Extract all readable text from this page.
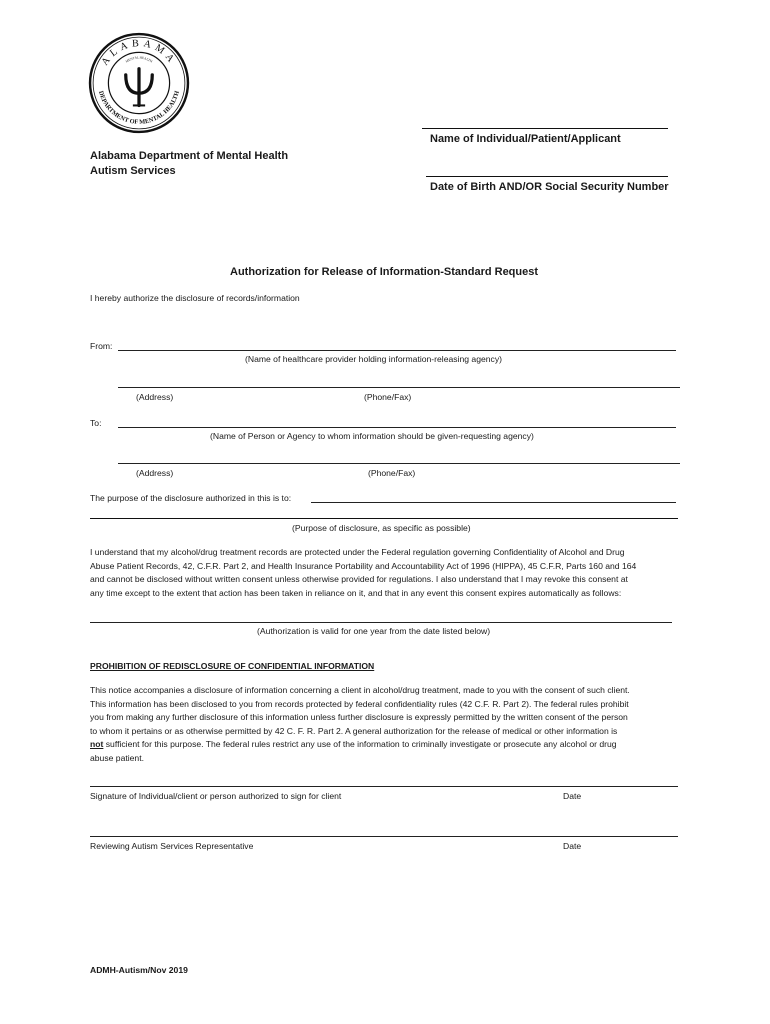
ALABAMA
DEPARTMENT OF MENTAL HEALTH
MENTAL HEALTH
Name of Individual/Patient/Applicant
Alabama Department of Mental Health
Autism Services
Date of Birth AND/OR Social Security Number
Authorization for Release of Information-Standard Request
I hereby authorize the disclosure of records/information
From:
(Name of healthcare provider holding information-releasing agency)
(Address)	(Phone/Fax)
To:
(Name of Person or Agency to whom information should be given-requesting agency)
(Address)	(Phone/Fax)
The purpose of the disclosure authorized in this is to:
(Purpose of disclosure, as specific as possible)
I understand that my alcohol/drug treatment records are protected under the Federal regulation governing Confidentiality of Alcohol and Drug
Abuse Patient Records, 42, C.F.R. Part 2, and Health Insurance Portability and Accountability Act of 1996 (HIPPA), 45 C.F.R, Parts 160 and 164
and cannot be disclosed without written consent unless otherwise provided for regulations. I also understand that I may revoke this consent at
any time except to the extent that action has been taken in reliance on it, and that in any event this consent expires automatically as follows:
(Authorization is valid for one year from the date listed below)
PROHIBITION OF REDISCLOSURE OF CONFIDENTIAL INFORMATION
This notice accompanies a disclosure of information concerning a client in alcohol/drug treatment, made to you with the consent of such client.
This information has been disclosed to you from records protected by federal confidentiality rules (42 C.F. R. Part 2). The federal rules prohibit
you from making any further disclosure of this information unless further disclosure is expressly permitted by the written consent of the person
to whom it pertains or as otherwise permitted by 42 C. F. R. Part 2. A general authorization for the release of medical or other information is
not sufficient for this purpose. The federal rules restrict any use of the information to criminally investigate or prosecute any alcohol or drug
abuse patient.
Signature of Individual/client or person authorized to sign for client	Date
Reviewing Autism Services Representative	Date
ADMH-Autism/Nov 2019
